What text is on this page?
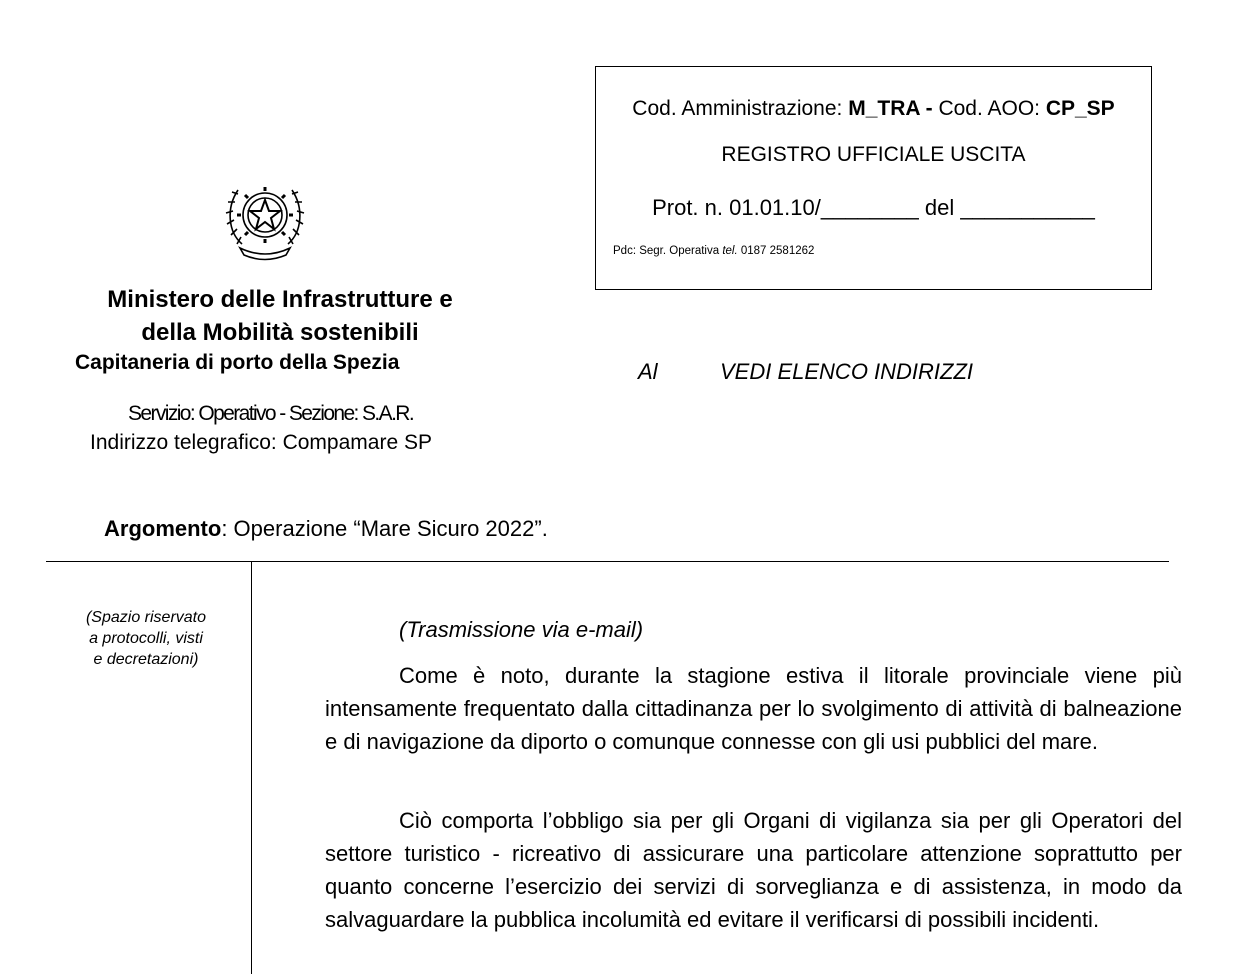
Ministero delle Infrastrutture e
della Mobilità sostenibili
Capitaneria di porto della Spezia
Servizio: Operativo - Sezione: S.A.R.
Indirizzo telegrafico: Compamare SP
Cod. Amministrazione: M_TRA - Cod. AOO: CP_SP
REGISTRO UFFICIALE USCITA
Prot. n. 01.01.10/________ del ___________
Pdc: Segr. Operativa tel. 0187 2581262
Al	VEDI ELENCO INDIRIZZI
Argomento: Operazione “Mare Sicuro 2022”.
(Spazio riservato
a protocolli, visti
e decretazioni)
(Trasmissione via e-mail)

Come è noto, durante la stagione estiva il litorale provinciale viene più intensamente frequentato dalla cittadinanza per lo svolgimento di attività di balneazione e di navigazione da diporto o comunque connesse con gli usi pubblici del mare.

Ciò comporta l’obbligo sia per gli Organi di vigilanza sia per gli Operatori del settore turistico - ricreativo di assicurare una particolare attenzione soprattutto per quanto concerne l’esercizio dei servizi di sorveglianza e di assistenza, in modo da salvaguardare la pubblica incolumità ed evitare il verificarsi di possibili incidenti.
